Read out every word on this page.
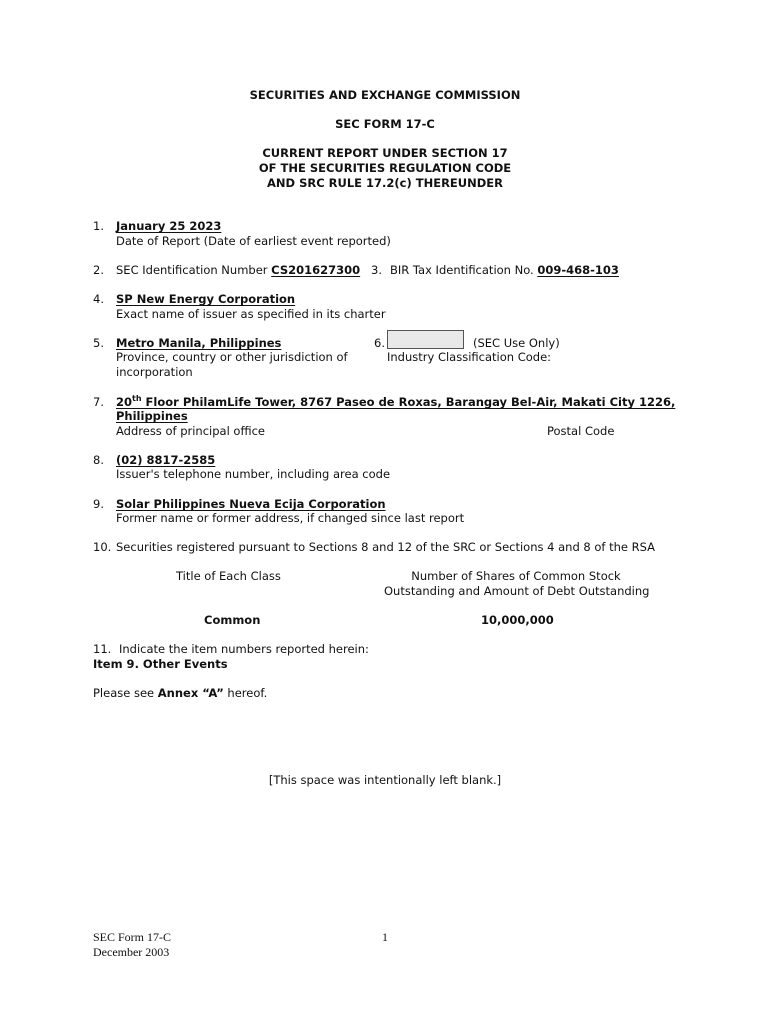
SECURITIES AND EXCHANGE COMMISSION
SEC FORM 17-C
CURRENT REPORT UNDER SECTION 17
OF THE SECURITIES REGULATION CODE
AND SRC RULE 17.2(c) THEREUNDER
1. January 25 2023
Date of Report (Date of earliest event reported)
2. SEC Identification Number CS201627300 3. BIR Tax Identification No. 009-468-103
4. SP New Energy Corporation
Exact name of issuer as specified in its charter
5. Metro Manila, Philippines
Province, country or other jurisdiction of
incorporation
6.	(SEC Use Only)
Industry Classification Code:
7. 20th Floor PhilamLife Tower, 8767 Paseo de Roxas, Barangay Bel-Air, Makati City 1226,
Philippines
Address of principal office	Postal Code
8. (02) 8817-2585
Issuer's telephone number, including area code
9. Solar Philippines Nueva Ecija Corporation
Former name or former address, if changed since last report
10. Securities registered pursuant to Sections 8 and 12 of the SRC or Sections 4 and 8 of the RSA
Title of Each Class	Number of Shares of Common Stock
Outstanding and Amount of Debt Outstanding
Common	10,000,000
11. Indicate the item numbers reported herein:
Item 9. Other Events
Please see Annex “A” hereof.
[This space was intentionally left blank.]
SEC Form 17-C
December 2003
1
